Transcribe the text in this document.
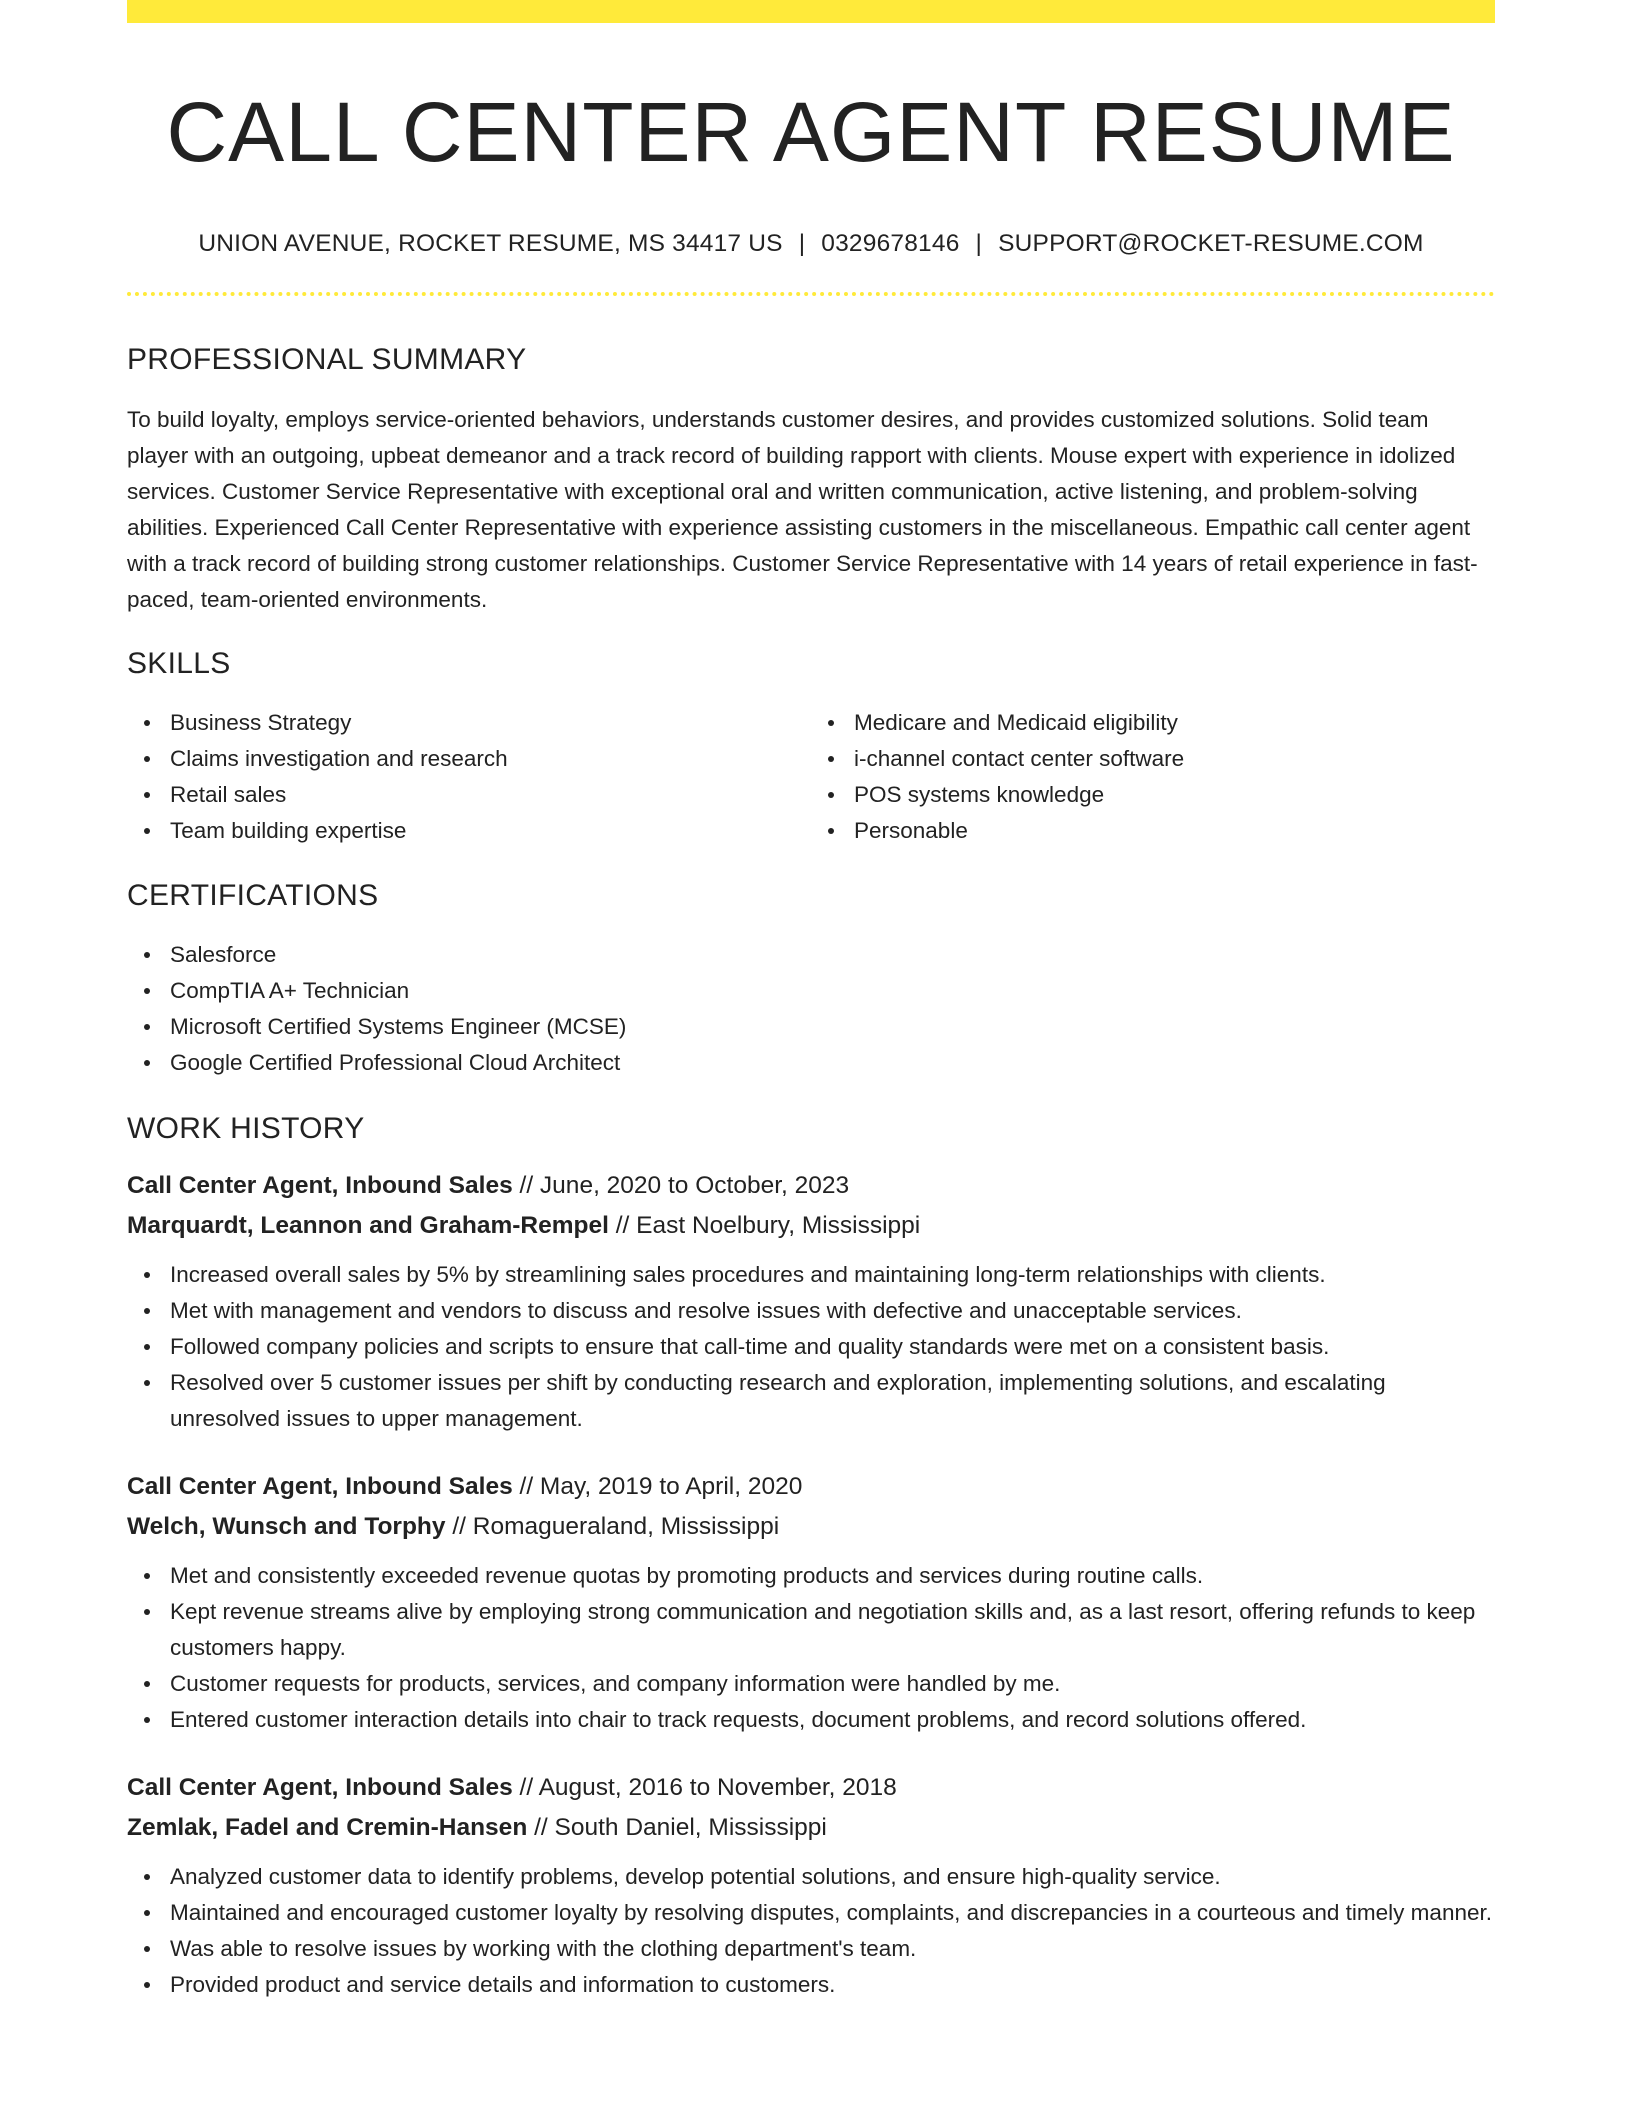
CALL CENTER AGENT RESUME
UNION AVENUE, ROCKET RESUME, MS 34417 US | 0329678146 | SUPPORT@ROCKET-RESUME.COM
PROFESSIONAL SUMMARY
To build loyalty, employs service-oriented behaviors, understands customer desires, and provides customized solutions. Solid team player with an outgoing, upbeat demeanor and a track record of building rapport with clients. Mouse expert with experience in idolized services. Customer Service Representative with exceptional oral and written communication, active listening, and problem-solving abilities. Experienced Call Center Representative with experience assisting customers in the miscellaneous. Empathic call center agent with a track record of building strong customer relationships. Customer Service Representative with 14 years of retail experience in fast-paced, team-oriented environments.
SKILLS
Business Strategy
Claims investigation and research
Retail sales
Team building expertise
Medicare and Medicaid eligibility
i-channel contact center software
POS systems knowledge
Personable
CERTIFICATIONS
Salesforce
CompTIA A+ Technician
Microsoft Certified Systems Engineer (MCSE)
Google Certified Professional Cloud Architect
WORK HISTORY
Call Center Agent, Inbound Sales // June, 2020 to October, 2023
Marquardt, Leannon and Graham-Rempel // East Noelbury, Mississippi
Increased overall sales by 5% by streamlining sales procedures and maintaining long-term relationships with clients.
Met with management and vendors to discuss and resolve issues with defective and unacceptable services.
Followed company policies and scripts to ensure that call-time and quality standards were met on a consistent basis.
Resolved over 5 customer issues per shift by conducting research and exploration, implementing solutions, and escalating unresolved issues to upper management.
Call Center Agent, Inbound Sales // May, 2019 to April, 2020
Welch, Wunsch and Torphy // Romagueraland, Mississippi
Met and consistently exceeded revenue quotas by promoting products and services during routine calls.
Kept revenue streams alive by employing strong communication and negotiation skills and, as a last resort, offering refunds to keep customers happy.
Customer requests for products, services, and company information were handled by me.
Entered customer interaction details into chair to track requests, document problems, and record solutions offered.
Call Center Agent, Inbound Sales // August, 2016 to November, 2018
Zemlak, Fadel and Cremin-Hansen // South Daniel, Mississippi
Analyzed customer data to identify problems, develop potential solutions, and ensure high-quality service.
Maintained and encouraged customer loyalty by resolving disputes, complaints, and discrepancies in a courteous and timely manner.
Was able to resolve issues by working with the clothing department's team.
Provided product and service details and information to customers.
